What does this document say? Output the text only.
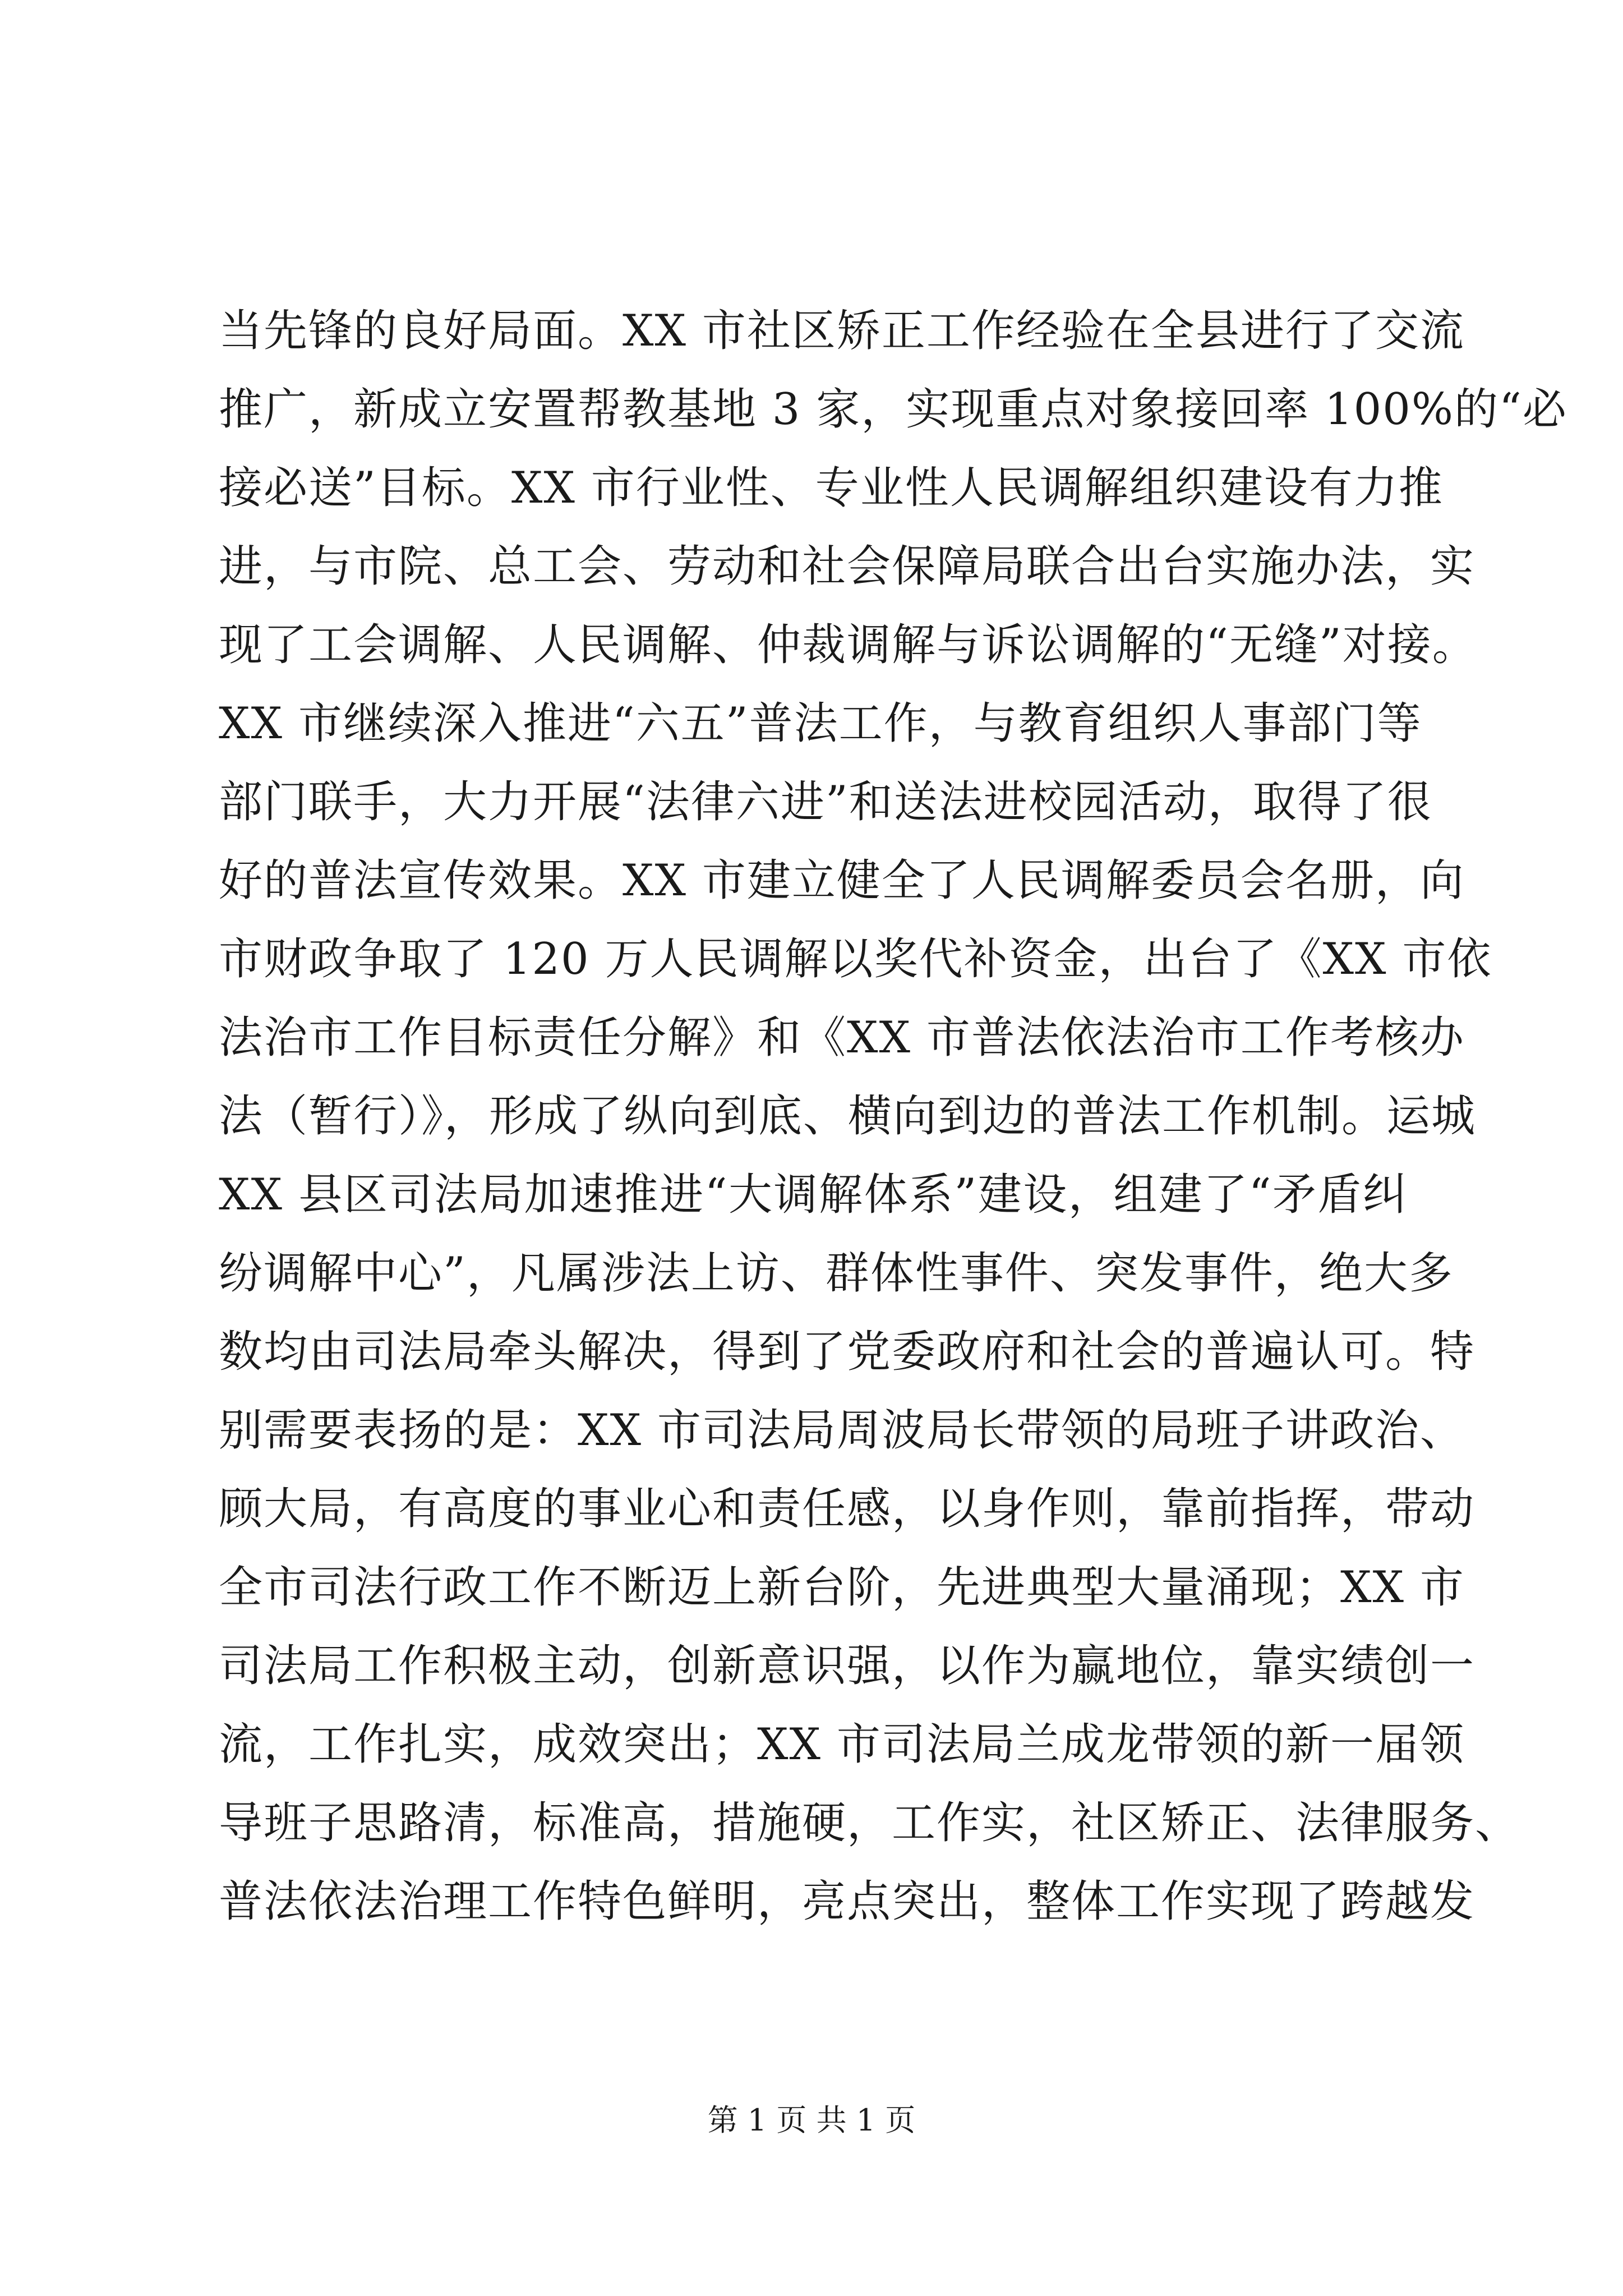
当先锋的良好局面。XX 市社区矫正工作经验在全县进行了交流
推广，新成立安置帮教基地 3 家，实现重点对象接回率 100%的“必
接必送”目标。XX 市行业性、专业性人民调解组织建设有力推
进，与市院、总工会、劳动和社会保障局联合出台实施办法，实
现了工会调解、人民调解、仲裁调解与诉讼调解的“无缝”对接。
XX 市继续深入推进“六五”普法工作，与教育组织人事部门等
部门联手，大力开展“法律六进”和送法进校园活动，取得了很
好的普法宣传效果。XX 市建立健全了人民调解委员会名册，向
市财政争取了 120 万人民调解以奖代补资金，出台了《XX 市依
法治市工作目标责任分解》和《XX 市普法依法治市工作考核办
法（暂行）》，形成了纵向到底、横向到边的普法工作机制。运城
XX 县区司法局加速推进“大调解体系”建设，组建了“矛盾纠
纷调解中心”，凡属涉法上访、群体性事件、突发事件，绝大多
数均由司法局牵头解决，得到了党委政府和社会的普遍认可。特
别需要表扬的是：XX 市司法局周波局长带领的局班子讲政治、
顾大局，有高度的事业心和责任感，以身作则，靠前指挥，带动
全市司法行政工作不断迈上新台阶，先进典型大量涌现；XX 市
司法局工作积极主动，创新意识强，以作为赢地位，靠实绩创一
流，工作扎实，成效突出；XX 市司法局兰成龙带领的新一届领
导班子思路清，标准高，措施硬，工作实，社区矫正、法律服务、
普法依法治理工作特色鲜明，亮点突出，整体工作实现了跨越发
第 1 页 共 1 页
